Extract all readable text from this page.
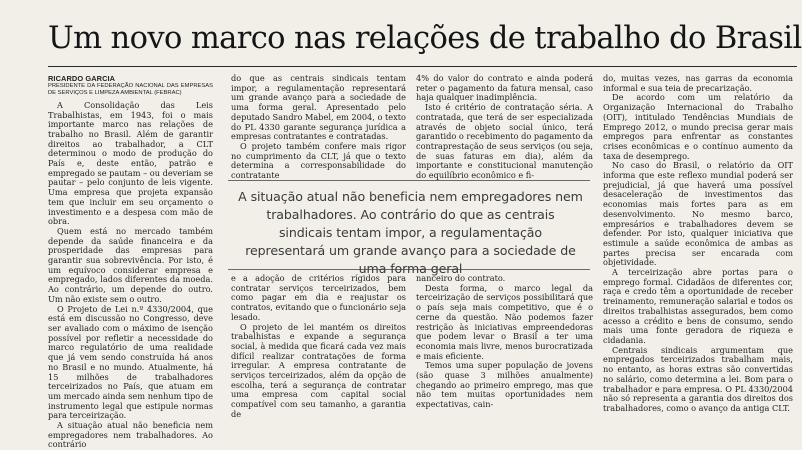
Um novo marco nas relações de trabalho do Brasil
RICARDO GARCIA
PRESIDENTE DA FEDERAÇÃO NACIONAL DAS EMPRESAS DE SERVIÇOS E LIMPEZA AMBIENTAL (FEBRAC)

A Consolidação das Leis Trabalhistas, em 1943, foi o mais importante marco nas relações de trabalho no Brasil. Além de garantir direitos ao trabalhador, a CLT determinou o modo de produção do País e, deste então, patrão e empregado se pautam – ou deveriam se pautar – pelo conjunto de leis vigente. Uma empresa que projeta expansão tem que incluir em seu orçamento o investimento e a despesa com mão de obra.

Quem está no mercado também depende da saúde financeira e da prosperidade das empresas para garantir sua sobrevivência. Por isto, é um equívoco considerar empresa e empregado, lados diferentes da moeda. Ao contrário, um depende do outro. Um não existe sem o outro.

O Projeto de Lei n.º 4330/2004, que está em discussão no Congresso, deve ser avaliado com o máximo de isenção possível por refletir a necessidade do marco regulatório de uma realidade que já vem sendo construída há anos no Brasil e no mundo. Atualmente, há 15 milhões de trabalhadores terceirizados no País, que atuam em um mercado ainda sem nenhum tipo de instrumento legal que estipule normas para terceirização.

A situação atual não beneficia nem empregadores nem trabalhadores. Ao contrário

do que as centrais sindicais tentam impor, a regulamentação representará um grande avanço para a sociedade de uma forma geral. Apresentado pelo deputado Sandro Mabel, em 2004, o texto do PL 4330 garante segurança jurídica a empresas contratantes e contratadas.

O projeto também confere mais rigor no cumprimento da CLT, já que o texto determina a corresponsabilidade do contratante

4% do valor do contrato e ainda poderá reter o pagamento da fatura mensal, caso haja qualquer inadimplência.

Isto é critério de contratação séria. A contratada, que terá de ser especializada através de objeto social único, terá garantido o recebimento do pagamento da contraprestação de seus serviços (ou seja, de suas faturas em dia), além da importante e constitucional manutenção do equilíbrio econômico e fi-

A situação atual não beneficia nem empregadores nem trabalhadores. Ao contrário do que as centrais sindicais tentam impor, a regulamentação representará um grande avanço para a sociedade de uma forma geral

e a adoção de critérios rígidos para contratar serviços terceirizados, bem como pagar em dia e reajustar os contratos, evitando que o funcionário seja lesado.

O projeto de lei mantém os direitos trabalhistas e expande a segurança social, à medida que ficará cada vez mais difícil realizar contratações de forma irregular. A empresa contratante de serviços terceirizados, além da opção de escolha, terá a segurança de contratar uma empresa com capital social compatível com seu tamanho, a garantia de

nanceiro do contrato.

Desta forma, o marco legal da terceirização de serviços possibilitará que o país seja mais competitivo, que é o cerne da questão. Não podemos fazer restrição às iniciativas empreendedoras que podem levar o Brasil a ter uma economia mais livre, menos burocratizada e mais eficiente.

Temos uma super população de jovens (são quase 3 milhões anualmente) chegando ao primeiro emprego, mas que não tem muitas oportunidades nem expectativas, cain-

do, muitas vezes, nas garras da economia informal e sua teia de precarização.

De acordo com um relatório da Organização Internacional do Trabalho (OIT), intitulado Tendências Mundiais de Emprego 2012, o mundo precisa gerar mais empregos para enfrentar as constantes crises econômicas e o contínuo aumento da taxa de desemprego.

No caso do Brasil, o relatório da OIT informa que este reflexo mundial poderá ser prejudicial, já que haverá uma possível desaceleração de investimentos das economias mais fortes para as em desenvolvimento. No mesmo barco, empresários e trabalhadores devem se defender. Por isto, qualquer iniciativa que estimule a saúde econômica de ambas as partes precisa ser encarada com objetividade.

A terceirização abre portas para o emprego formal. Cidadãos de diferentes cor, raça e credo têm a oportunidade de receber treinamento, remuneração salarial e todos os direitos trabalhistas assegurados, bem como acesso a crédito e bens de consumo, sendo mais uma fonte geradora de riqueza e cidadania.

Centrais sindicais argumentam que empregados terceirizados trabalham mais, no entanto, as horas extras são convertidas no salário, como determina a lei. Bom para o trabalhador e para empresa. O PL 4330/2004 não só representa a garantia dos direitos dos trabalhadores, como o avanço da antiga CLT.
